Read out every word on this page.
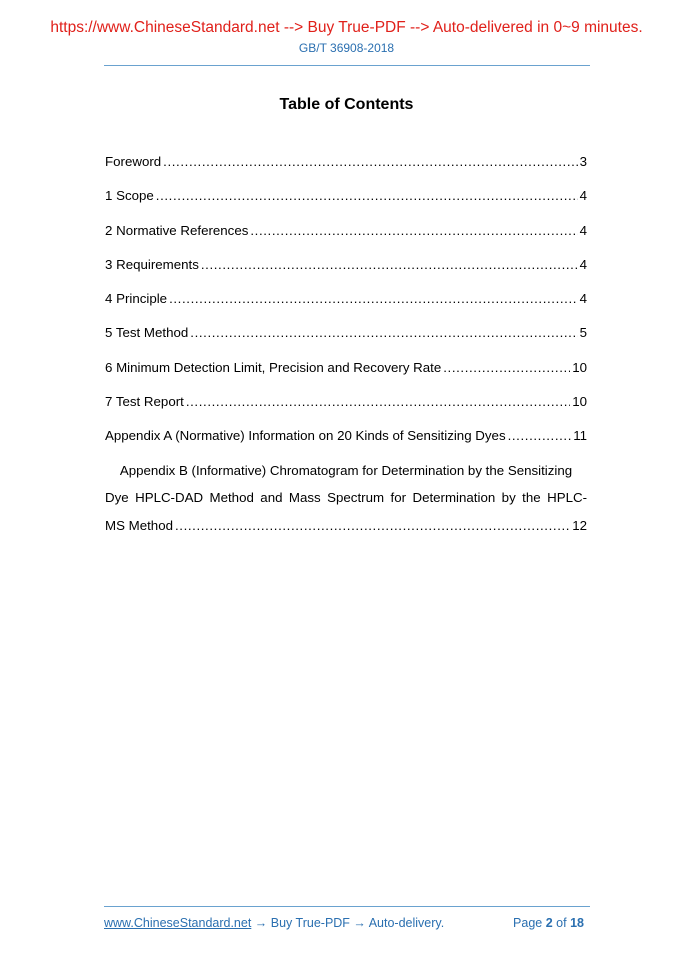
https://www.ChineseStandard.net --> Buy True-PDF --> Auto-delivered in 0~9 minutes.
GB/T 36908-2018
Table of Contents
Foreword .....	3
1 Scope .....	4
2 Normative References .....	4
3 Requirements .....	4
4 Principle .....	4
5 Test Method .....	5
6 Minimum Detection Limit, Precision and Recovery Rate .....	10
7 Test Report .....	10
Appendix A (Normative) Information on 20 Kinds of Sensitizing Dyes .....	11
Appendix B (Informative) Chromatogram for Determination by the Sensitizing
Dye HPLC-DAD Method and Mass Spectrum for Determination by the HPLC-
MS Method .....	12
www.ChineseStandard.net → Buy True-PDF → Auto-delivery.	Page 2 of 18
